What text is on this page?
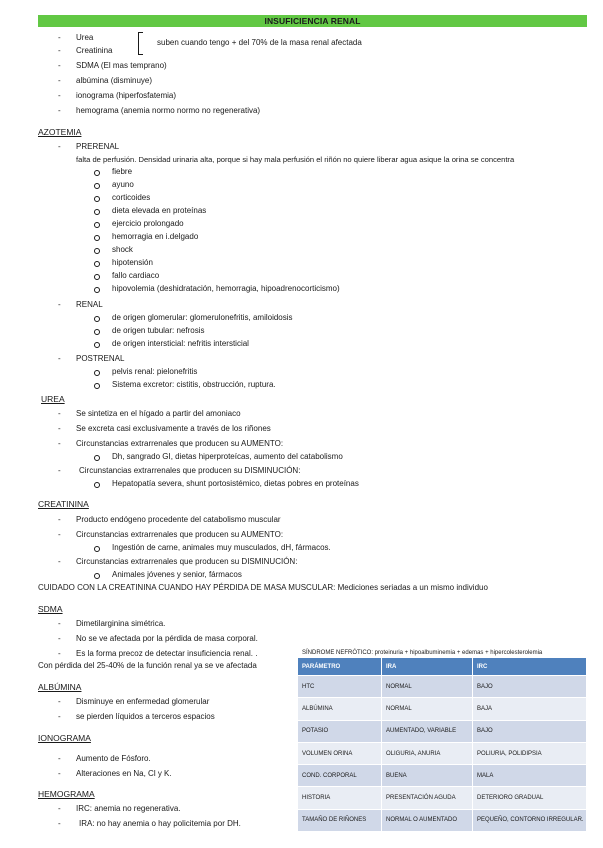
INSUFICIENCIA RENAL
- Urea
- Creatinina
suben cuando tengo + del 70% de la masa renal afectada
- SDMA (El mas temprano)
- albúmina (disminuye)
- ionograma (hiperfosfatemia)
- hemograma (anemia normo normo no regenerativa)
AZOTEMIA
- PRERENAL
falta de perfusión. Densidad urinaria alta, porque si hay mala perfusión el riñón no quiere liberar agua asique la orina se concentra
fiebre
ayuno
corticoides
dieta elevada en proteínas
ejercicio prolongado
hemorragia en i.delgado
shock
hipotensión
fallo cardiaco
hipovolemia (deshidratación, hemorragia, hipoadrenocorticismo)
- RENAL
de origen glomerular: glomerulonefritis, amiloidosis
de origen tubular: nefrosis
de origen intersticial: nefritis intersticial
- POSTRENAL
pelvis renal: pielonefritis
Sistema excretor: cistitis, obstrucción, ruptura.
UREA
- Se sintetiza en el hígado a partir del amoniaco
- Se excreta casi exclusivamente a través de los riñones
- Circunstancias extrarrenales que producen su AUMENTO:
Dh, sangrado GI, dietas hiperproteícas, aumento del catabolismo
- Circunstancias extrarrenales que producen su DISMINUCIÓN:
Hepatopatía severa, shunt portosistémico, dietas pobres en proteínas
CREATININA
- Producto endógeno procedente del catabolismo muscular
- Circunstancias extrarrenales que producen su AUMENTO:
Ingestión de carne, animales muy musculados, dH, fármacos.
- Circunstancias extrarrenales que producen su DISMINUCIÓN:
Animales jóvenes y senior, fármacos
CUIDADO CON LA CREATININA CUANDO HAY PÉRDIDA DE MASA MUSCULAR: Mediciones seriadas a un mismo individuo
SDMA
- Dimetilarginina simétrica.
- No se ve afectada por la pérdida de masa corporal.
- Es la forma precoz de detectar insuficiencia renal. .
Con pérdida del 25-40% de la función renal ya se ve afectada
ALBÚMINA
- Disminuye en enfermedad glomerular
- se pierden líquidos a terceros espacios
IONOGRAMA
- Aumento de Fósforo.
- Alteraciones en Na, Cl y K.
HEMOGRAMA
- IRC: anemia no regenerativa.
- IRA: no hay anemia o hay policitemia por DH.
SÍNDROME NEFRÓTICO: proteinuria + hipoalbuminemia + edemas + hipercolesterolemia
PARÁMETRO	IRA	IRC
HTC	NORMAL	BAJO
ALBÚMINA	NORMAL	BAJA
POTASIO	AUMENTADO, VARIABLE	BAJO
VOLUMEN ORINA	OLIGURIA, ANURIA	POLIURIA, POLIDIPSIA
COND. CORPORAL	BUENA	MALA
HISTORIA	PRESENTACIÓN AGUDA	DETERIORO GRADUAL
TAMAÑO DE RIÑONES	NORMAL O AUMENTADO	PEQUEÑO, CONTORNO IRREGULAR.
